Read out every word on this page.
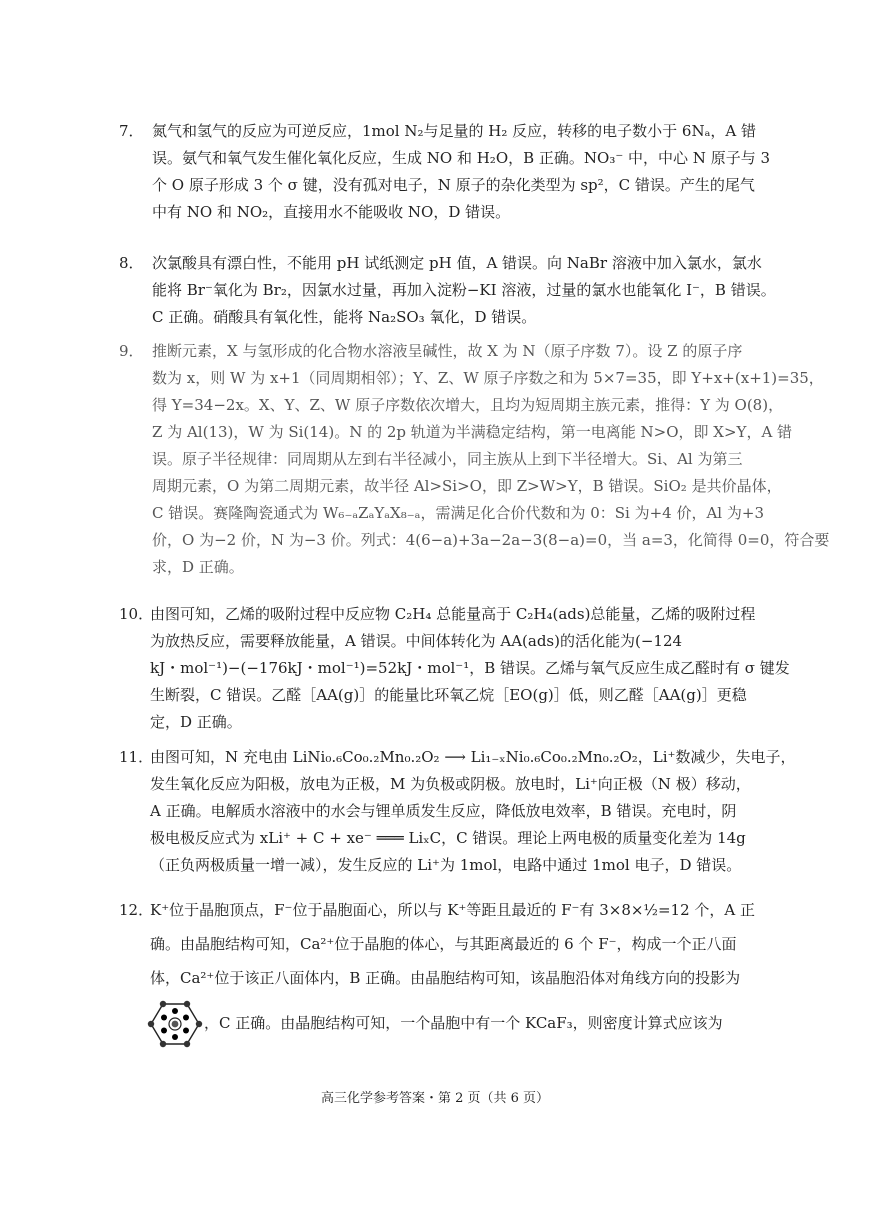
7． 氮气和氢气的反应为可逆反应，1mol N₂与足量的 H₂ 反应，转移的电子数小于 6Nₐ，A 错
误。氨气和氧气发生催化氧化反应，生成 NO 和 H₂O，B 正确。NO₃⁻ 中，中心 N 原子与 3
个 O 原子形成 3 个 σ 键，没有孤对电子，N 原子的杂化类型为 sp²，C 错误。产生的尾气
中有 NO 和 NO₂，直接用水不能吸收 NO，D 错误。
8． 次氯酸具有漂白性，不能用 pH 试纸测定 pH 值，A 错误。向 NaBr 溶液中加入氯水，氯水
能将 Br⁻氧化为 Br₂，因氯水过量，再加入淀粉−KI 溶液，过量的氯水也能氧化 I⁻，B 错误。
C 正确。硝酸具有氧化性，能将 Na₂SO₃ 氧化，D 错误。
9． 推断元素，X 与氢形成的化合物水溶液呈碱性，故 X 为 N（原子序数 7）。设 Z 的原子序
数为 x，则 W 为 x+1（同周期相邻）；Y、Z、W 原子序数之和为 5×7=35，即 Y+x+(x+1)=35，
得 Y=34−2x。X、Y、Z、W 原子序数依次增大，且均为短周期主族元素，推得：Y 为 O(8)，
Z 为 Al(13)，W 为 Si(14)。N 的 2p 轨道为半满稳定结构，第一电离能 N>O，即 X>Y，A 错
误。原子半径规律：同周期从左到右半径减小，同主族从上到下半径增大。Si、Al 为第三
周期元素，O 为第二周期元素，故半径 Al>Si>O，即 Z>W>Y，B 错误。SiO₂ 是共价晶体，
C 错误。赛隆陶瓷通式为 W₆₋ₐZₐYₐX₈₋ₐ，需满足化合价代数和为 0：Si 为+4 价，Al 为+3
价，O 为−2 价，N 为−3 价。列式：4(6−a)+3a−2a−3(8−a)=0，当 a=3，化简得 0=0，符合要
求，D 正确。
10．
由图可知，乙烯的吸附过程中反应物 C₂H₄ 总能量高于 C₂H₄(ads)总能量，乙烯的吸附过程
为放热反应，需要释放能量，A 错误。中间体转化为 AA(ads)的活化能为(−124
kJ・mol⁻¹)−(−176kJ・mol⁻¹)=52kJ・mol⁻¹，B 错误。乙烯与氧气反应生成乙醛时有 σ 键发
生断裂，C 错误。乙醛［AA(g)］的能量比环氧乙烷［EO(g)］低，则乙醛［AA(g)］更稳
定，D 正确。
11．
由图可知，N 充电由 LiNi₀.₆Co₀.₂Mn₀.₂O₂ ⟶ Li₁₋ₓNi₀.₆Co₀.₂Mn₀.₂O₂，Li⁺数减少，失电子，
发生氧化反应为阳极，放电为正极，M 为负极或阴极。放电时，Li⁺向正极（N 极）移动，
A 正确。电解质水溶液中的水会与锂单质发生反应，降低放电效率，B 错误。充电时，阴
极电极反应式为 xLi⁺ + C + xe⁻ ═══ LiₓC，C 错误。理论上两电极的质量变化差为 14g
（正负两极质量一增一减），发生反应的 Li⁺为 1mol，电路中通过 1mol 电子，D 错误。
12．
K⁺位于晶胞顶点，F⁻位于晶胞面心，所以与 K⁺等距且最近的 F⁻有 3×8×½=12 个，A 正
确。由晶胞结构可知，Ca²⁺位于晶胞的体心，与其距离最近的 6 个 F⁻，构成一个正八面
体，Ca²⁺位于该正八面体内，B 正确。由晶胞结构可知，该晶胞沿体对角线方向的投影为
，C 正确。由晶胞结构可知，一个晶胞中有一个 KCaF₃，则密度计算式应该为
高三化学参考答案・第 2 页（共 6 页）
